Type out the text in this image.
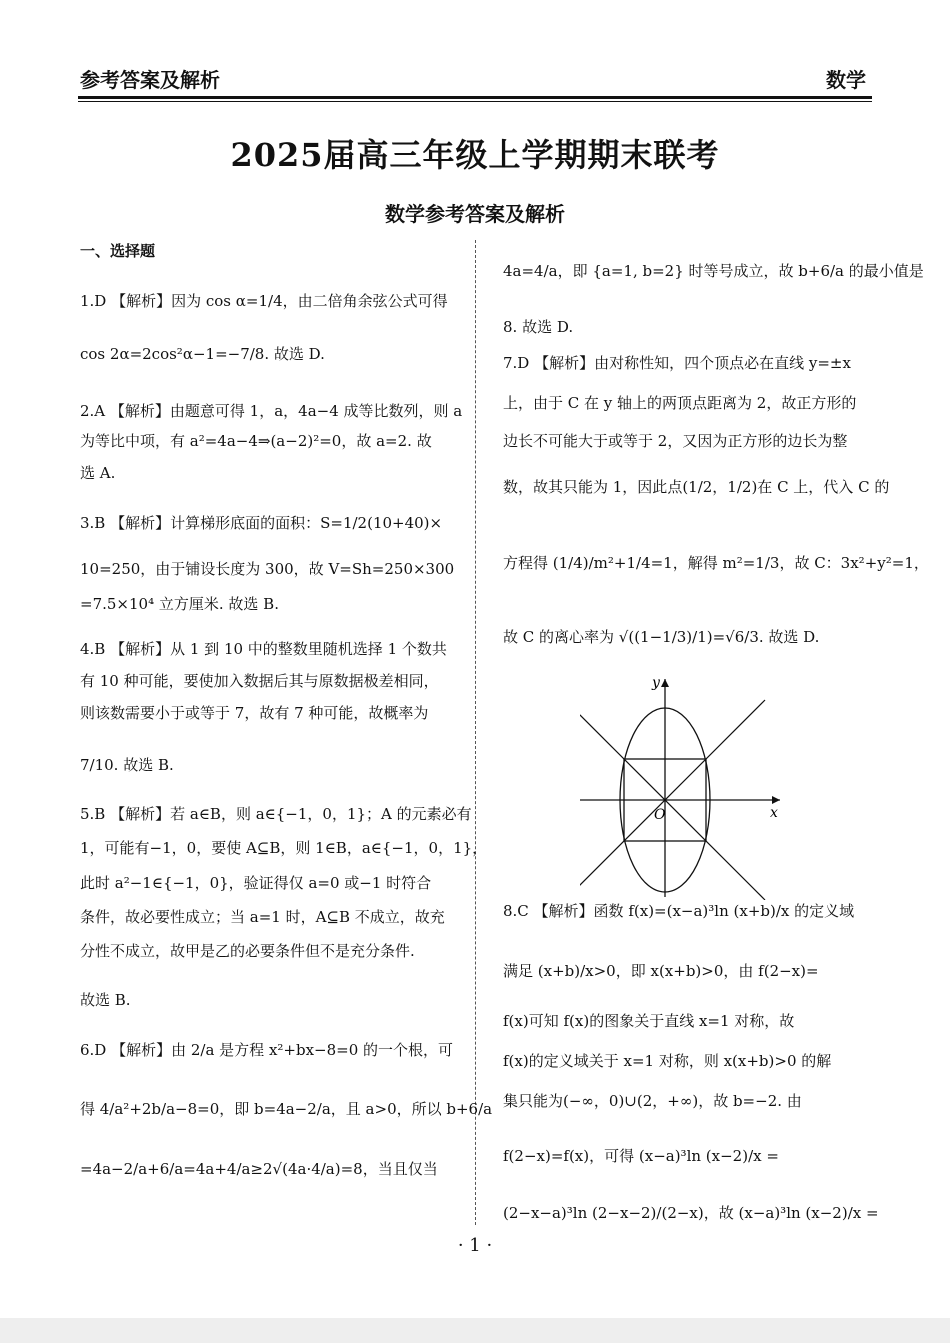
参考答案及解析	数学
2025届高三年级上学期期末联考
数学参考答案及解析
一、选择题
1.D 【解析】因为 cos α=1/4，由二倍角余弦公式可得
cos 2α=2cos²α−1=−7/8. 故选 D.
2.A 【解析】由题意可得 1，a，4a−4 成等比数列，则 a
为等比中项，有 a²=4a−4⇒(a−2)²=0，故 a=2. 故
选 A.
3.B 【解析】计算梯形底面的面积：S=1/2(10+40)×
10=250，由于铺设长度为 300，故 V=Sh=250×300
=7.5×10⁴ 立方厘米. 故选 B.
4.B 【解析】从 1 到 10 中的整数里随机选择 1 个数共
有 10 种可能，要使加入数据后其与原数据极差相同，
则该数需要小于或等于 7，故有 7 种可能，故概率为
7/10. 故选 B.
5.B 【解析】若 a∈B，则 a∈{−1，0，1}；A 的元素必有
1，可能有−1，0，要使 A⊆B，则 1∈B，a∈{−1，0，1}，
此时 a²−1∈{−1，0}，验证得仅 a=0 或−1 时符合
条件，故必要性成立；当 a=1 时，A⊆B 不成立，故充
分性不成立，故甲是乙的必要条件但不是充分条件.
故选 B.
6.D 【解析】由 2/a 是方程 x²+bx−8=0 的一个根，可
得 4/a²+2b/a−8=0，即 b=4a−2/a，且 a>0，所以 b+6/a
=4a−2/a+6/a=4a+4/a≥2√(4a·4/a)=8，当且仅当
4a=4/a，即 {a=1, b=2} 时等号成立，故 b+6/a 的最小值是
8. 故选 D.
7.D 【解析】由对称性知，四个顶点必在直线 y=±x
上，由于 C 在 y 轴上的两顶点距离为 2，故正方形的
边长不可能大于或等于 2，又因为正方形的边长为整
数，故其只能为 1，因此点(1/2，1/2)在 C 上，代入 C 的
方程得 (1/4)/m²+1/4=1，解得 m²=1/3，故 C：3x²+y²=1，
故 C 的离心率为 √((1−1/3)/1)=√6/3. 故选 D.
8.C 【解析】函数 f(x)=(x−a)³ln (x+b)/x 的定义域
满足 (x+b)/x>0，即 x(x+b)>0，由 f(2−x)=
f(x)可知 f(x)的图象关于直线 x=1 对称，故
f(x)的定义域关于 x=1 对称，则 x(x+b)>0 的解
集只能为(−∞，0)∪(2，+∞)，故 b=−2. 由
f(2−x)=f(x)，可得 (x−a)³ln (x−2)/x =
(2−x−a)³ln (2−x−2)/(2−x)，故 (x−a)³ln (x−2)/x =
y
x
O
· 1 ·
